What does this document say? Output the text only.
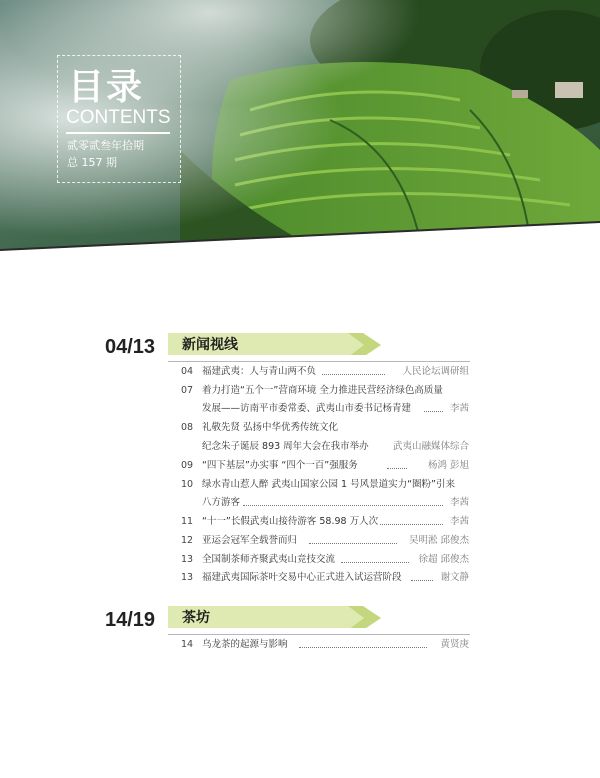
目录
CONTENTS
贰零贰叁年拾期
总 157 期
04/13 新闻视线
04 福建武夷：人与青山两不负	人民论坛调研组
07 着力打造“五个一”营商环境 全力推进民营经济绿色高质量
发展——访南平市委常委、武夷山市委书记杨青建	李茜
08 礼敬先贤 弘扬中华优秀传统文化
纪念朱子诞辰 893 周年大会在我市举办	武夷山融媒体综合
09 “四下基层”办实事 “四个一百”强服务	杨鸿 彭旭
10 绿水青山惹人醉 武夷山国家公园 1 号风景道实力“圈粉”引来
八方游客	李茜
11 “十一”长假武夷山接待游客 58.98 万人次	李茜
12 亚运会冠军全载誉而归	吴明淞 邱俊杰
13 全国制茶师齐聚武夷山竞技交流	徐超 邱俊杰
13 福建武夷国际茶叶交易中心正式进入试运营阶段	谢文静
14/19 茶坊
14 乌龙茶的起源与影响	黄贤庚
